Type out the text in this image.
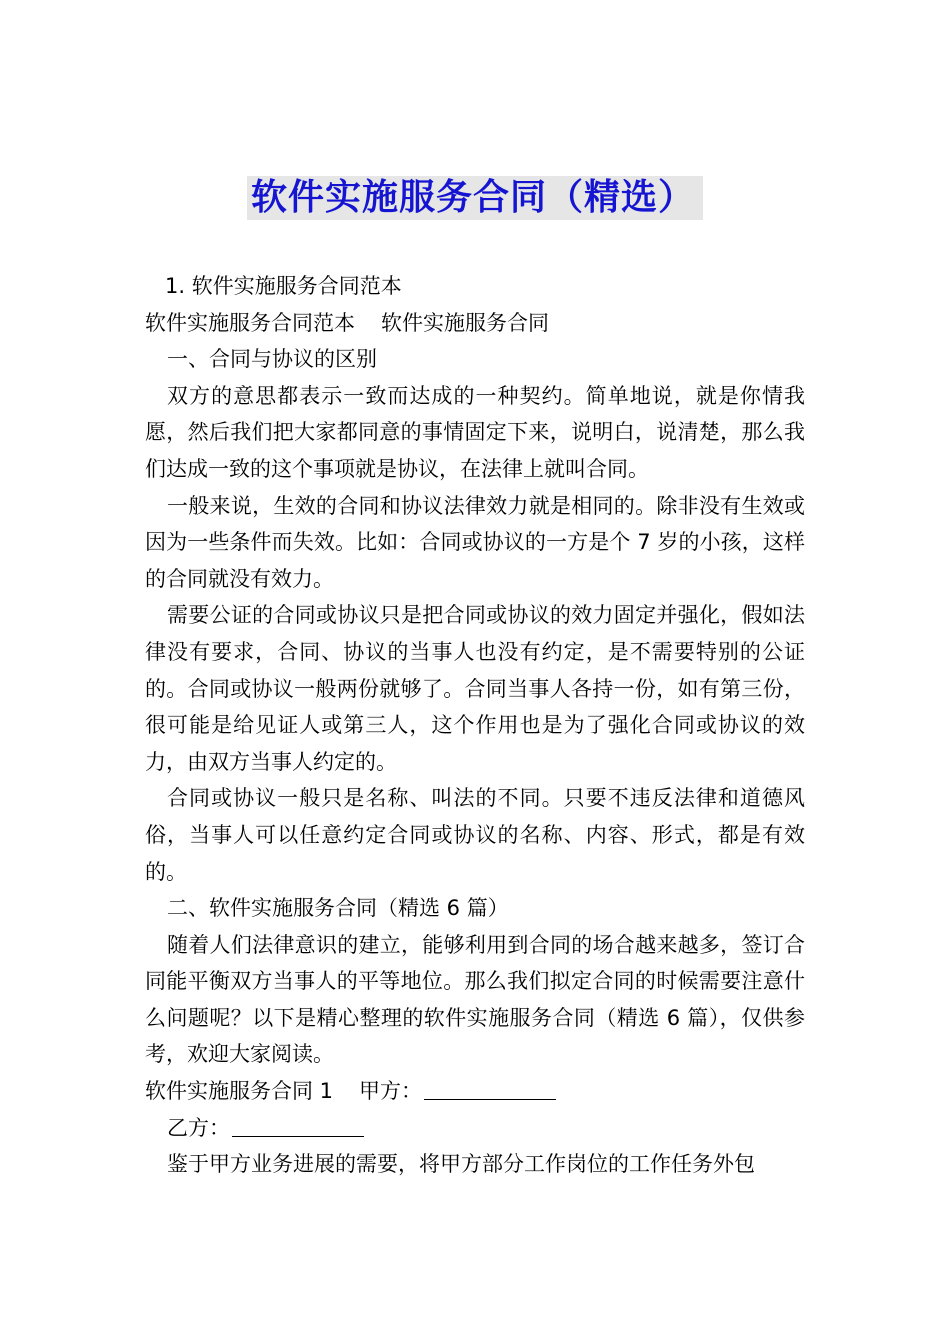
软件实施服务合同（精选）

1. 软件实施服务合同范本

软件实施服务合同范本 软件实施服务合同

一、合同与协议的区别

双方的意思都表示一致而达成的一种契约。简单地说，就是你情我愿，然后我们把大家都同意的事情固定下来，说明白，说清楚，那么我们达成一致的这个事项就是协议，在法律上就叫合同。

一般来说，生效的合同和协议法律效力就是相同的。除非没有生效或因为一些条件而失效。比如：合同或协议的一方是个 7 岁的小孩，这样的合同就没有效力。

需要公证的合同或协议只是把合同或协议的效力固定并强化，假如法律没有要求，合同、协议的当事人也没有约定，是不需要特别的公证的。合同或协议一般两份就够了。合同当事人各持一份，如有第三份，很可能是给见证人或第三人，这个作用也是为了强化合同或协议的效力，由双方当事人约定的。

合同或协议一般只是名称、叫法的不同。只要不违反法律和道德风俗，当事人可以任意约定合同或协议的名称、内容、形式，都是有效的。

二、软件实施服务合同（精选 6 篇）

随着人们法律意识的建立，能够利用到合同的场合越来越多，签订合同能平衡双方当事人的平等地位。那么我们拟定合同的时候需要注意什么问题呢？以下是精心整理的软件实施服务合同（精选 6 篇），仅供参考，欢迎大家阅读。

软件实施服务合同 1 甲方：

乙方：

鉴于甲方业务进展的需要，将甲方部分工作岗位的工作任务外包
